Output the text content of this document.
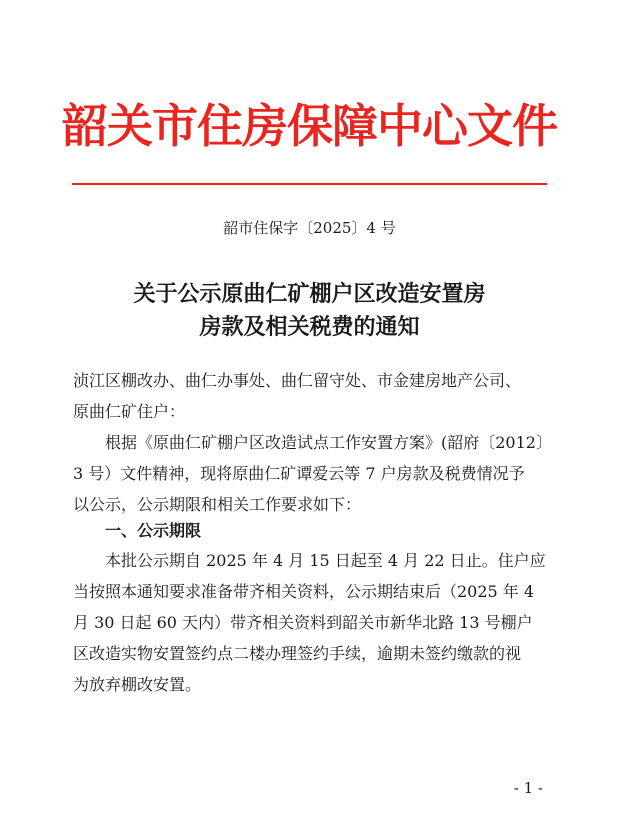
韶关市住房保障中心文件
韶市住保字〔2025〕4 号
关于公示原曲仁矿棚户区改造安置房
房款及相关税费的通知
浈江区棚改办、曲仁办事处、曲仁留守处、市金建房地产公司、
原曲仁矿住户：
根据《原曲仁矿棚户区改造试点工作安置方案》(韶府〔2012〕
3 号）文件精神，现将原曲仁矿谭爱云等 7 户房款及税费情况予
以公示，公示期限和相关工作要求如下：
一、公示期限
本批公示期自 2025 年 4 月 15 日起至 4 月 22 日止。住户应
当按照本通知要求准备带齐相关资料，公示期结束后（2025 年 4
月 30 日起 60 天内）带齐相关资料到韶关市新华北路 13 号棚户
区改造实物安置签约点二楼办理签约手续，逾期未签约缴款的视
为放弃棚改安置。
- 1 -
